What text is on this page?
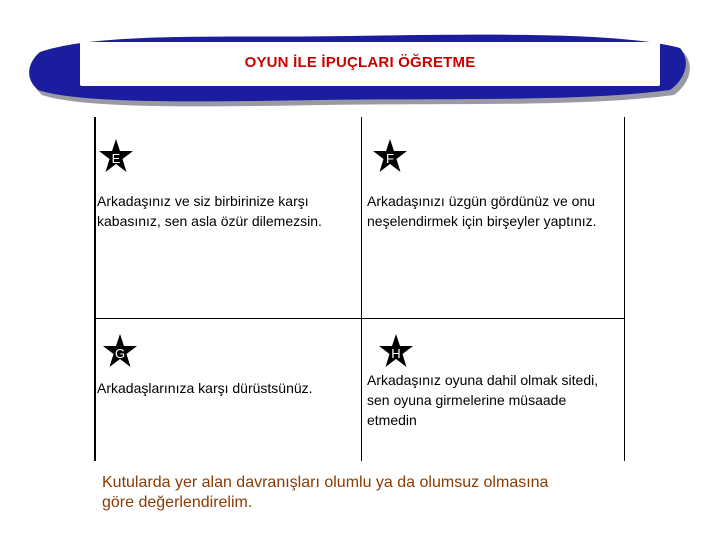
OYUN İLE İPUÇLARI ÖĞRETME
E
Arkadaşınız ve siz birbirinize karşı kabasınız, sen asla özür dilemezsin.
F
Arkadaşınızı üzgün gördünüz ve onu neşelendirmek için birşeyler yaptınız.
G
Arkadaşlarınıza karşı dürüstsünüz.
H
Arkadaşınız oyuna dahil olmak sitedi, sen oyuna girmelerine müsaade etmedin
Kutularda yer alan davranışları olumlu ya da olumsuz olmasına göre değerlendirelim.
